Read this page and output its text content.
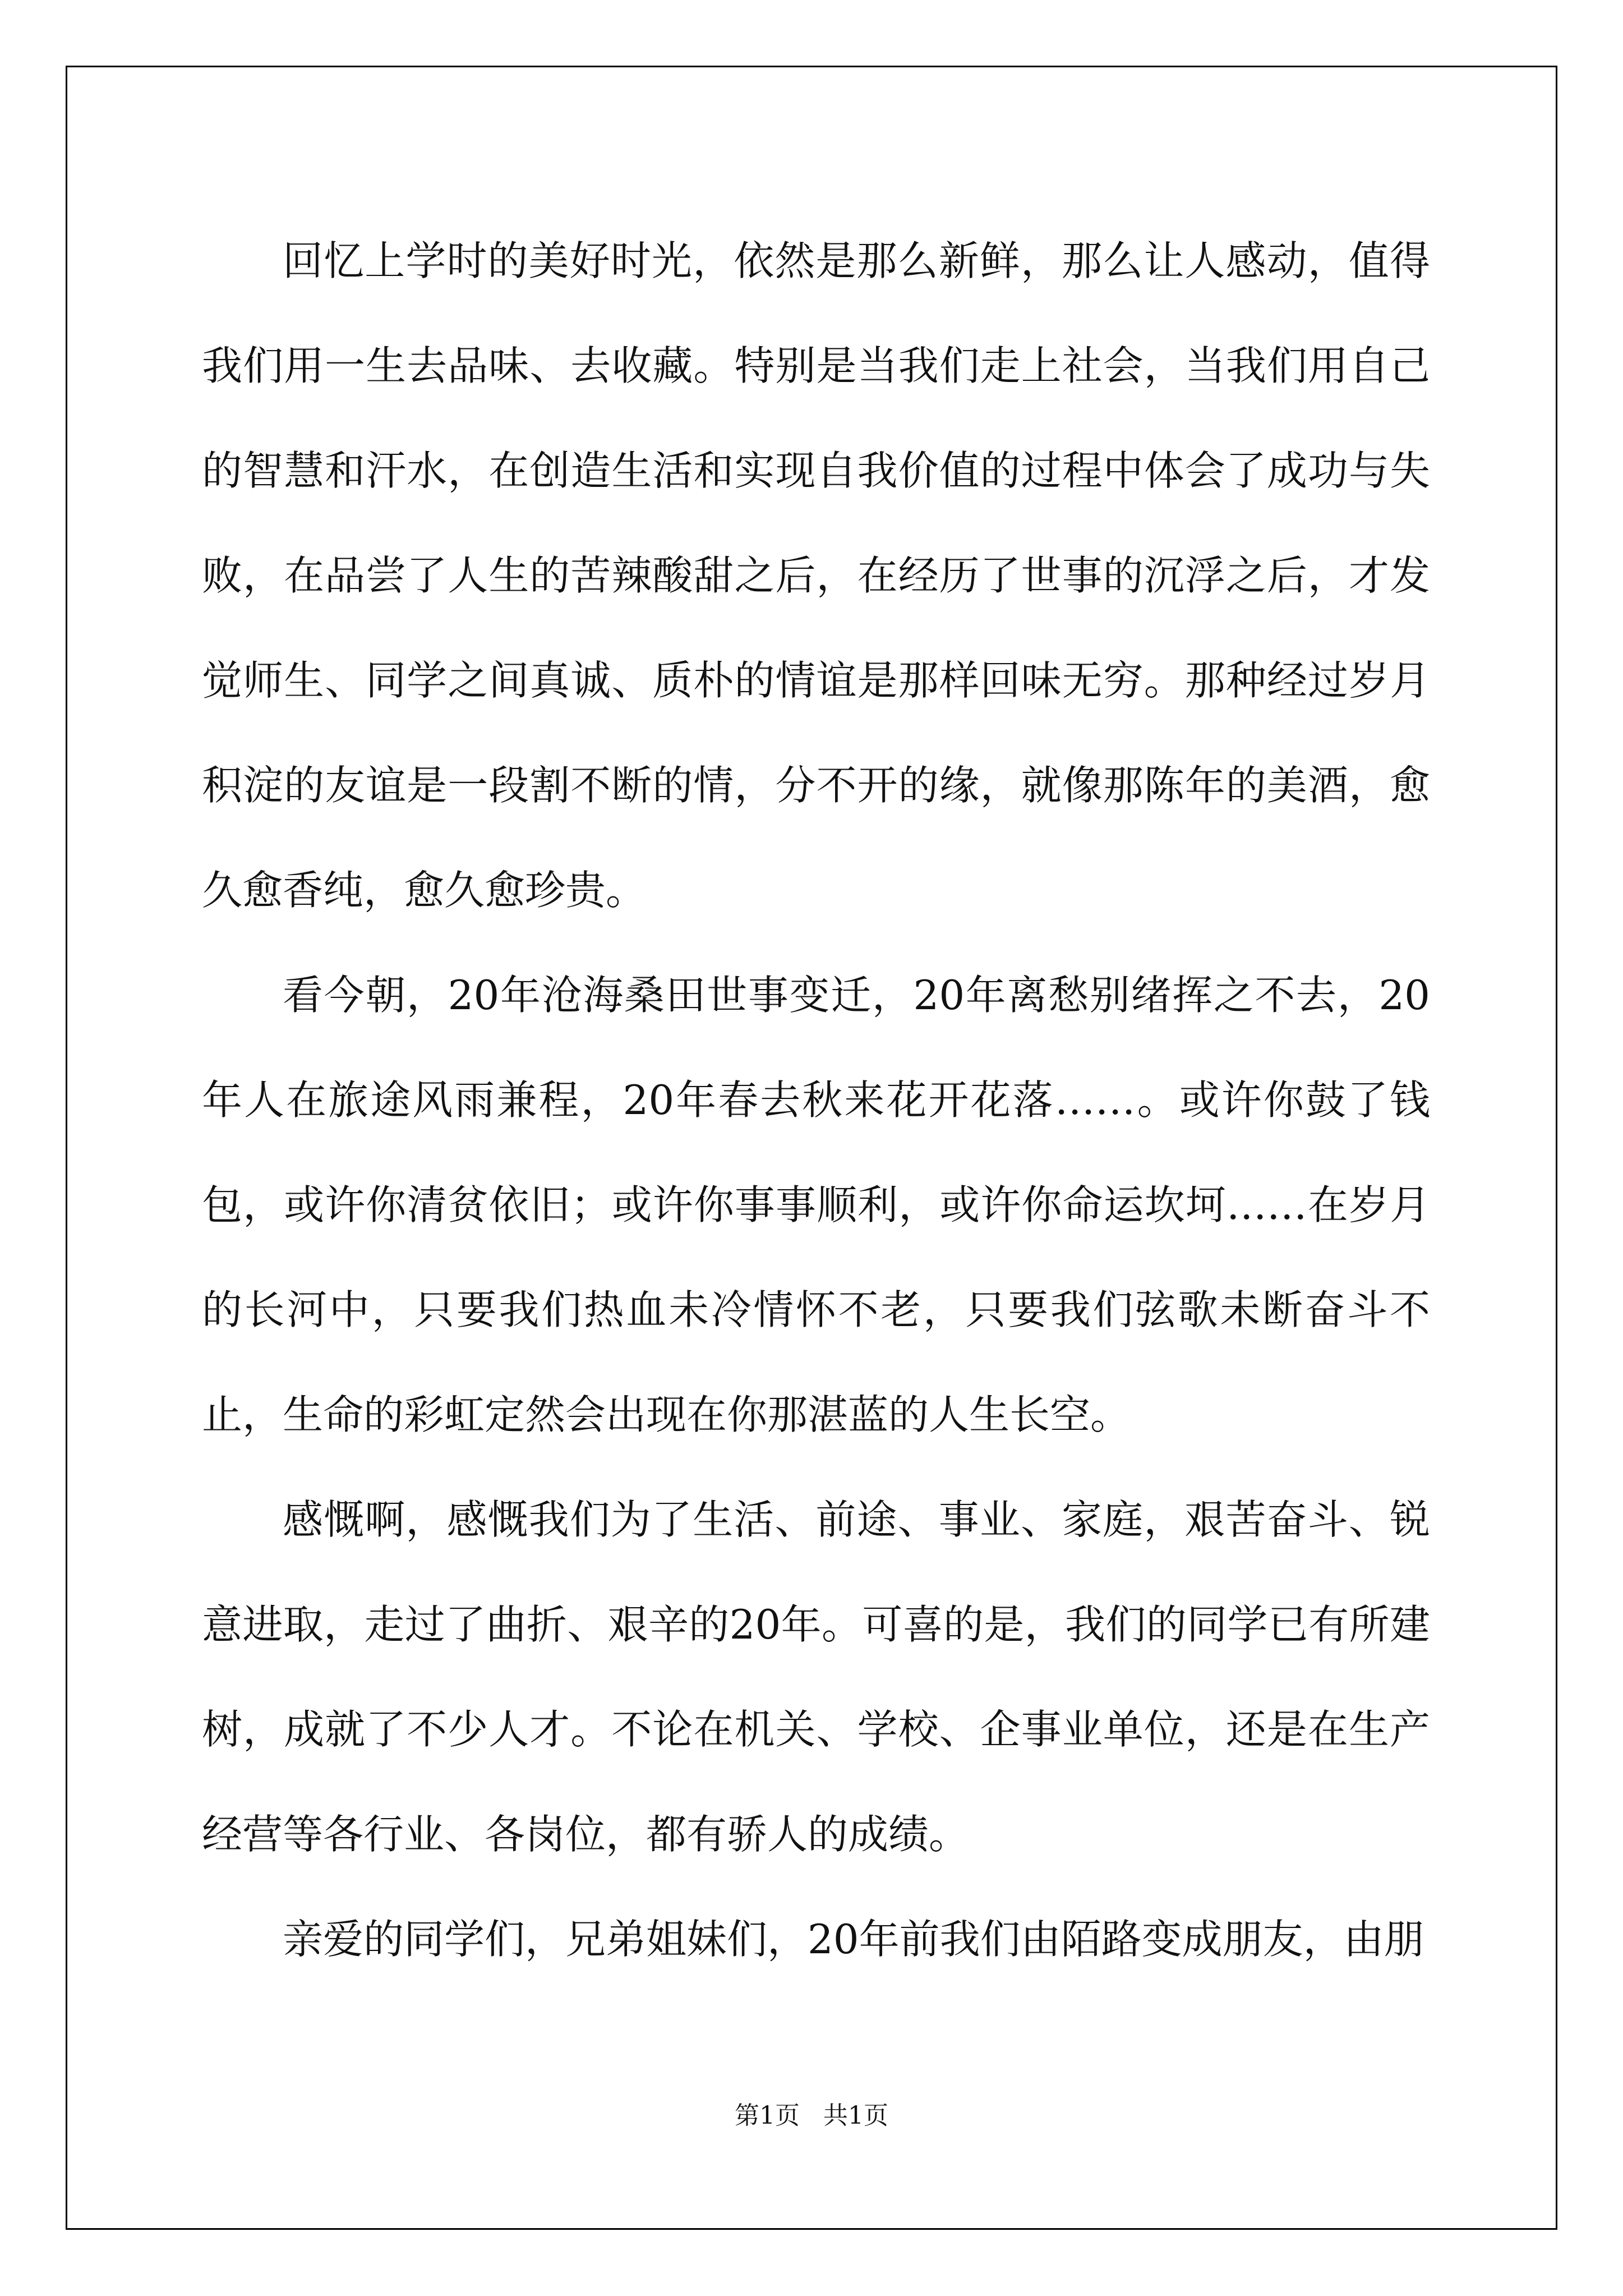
回忆上学时的美好时光，依然是那么新鲜，那么让人感动，值得我们用一生去品味、去收藏。特别是当我们走上社会，当我们用自己的智慧和汗水，在创造生活和实现自我价值的过程中体会了成功与失败，在品尝了人生的苦辣酸甜之后，在经历了世事的沉浮之后，才发觉师生、同学之间真诚、质朴的情谊是那样回味无穷。那种经过岁月积淀的友谊是一段割不断的情，分不开的缘，就像那陈年的美酒，愈久愈香纯，愈久愈珍贵。

看今朝，20年沧海桑田世事变迁，20年离愁别绪挥之不去，20年人在旅途风雨兼程，20年春去秋来花开花落……。或许你鼓了钱包，或许你清贫依旧；或许你事事顺利，或许你命运坎坷……在岁月的长河中，只要我们热血未冷情怀不老，只要我们弦歌未断奋斗不止，生命的彩虹定然会出现在你那湛蓝的人生长空。

感慨啊，感慨我们为了生活、前途、事业、家庭，艰苦奋斗、锐意进取，走过了曲折、艰辛的20年。可喜的是，我们的同学已有所建树，成就了不少人才。不论在机关、学校、企事业单位，还是在生产经营等各行业、各岗位，都有骄人的成绩。

亲爱的同学们，兄弟姐妹们，20年前我们由陌路变成朋友，由朋

第1页   共1页
